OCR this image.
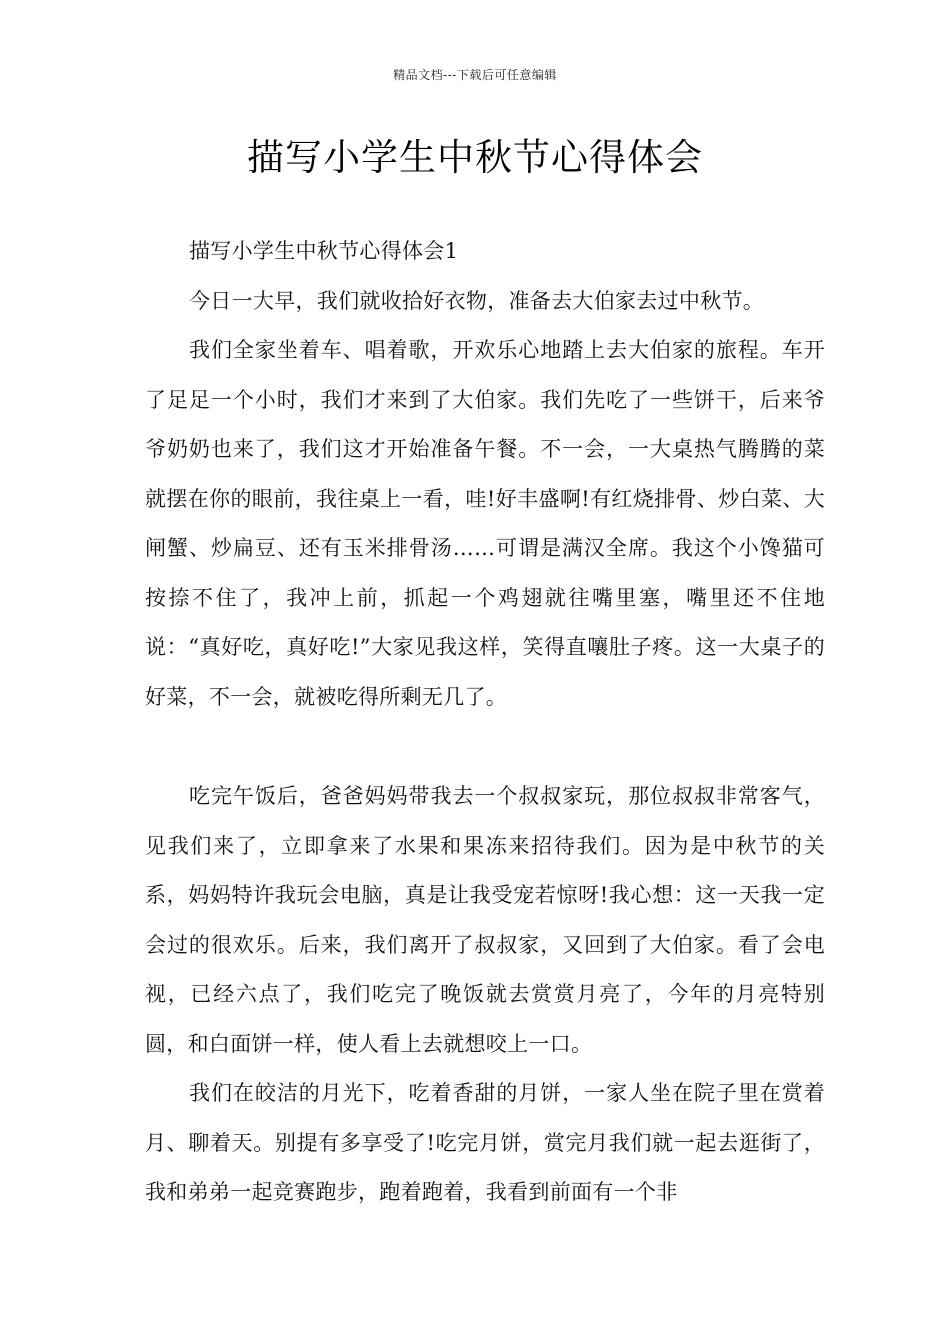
精品文档---下载后可任意编辑
描写小学生中秋节心得体会

描写小学生中秋节心得体会1

今日一大早，我们就收拾好衣物，准备去大伯家去过中秋节。

我们全家坐着车、唱着歌，开欢乐心地踏上去大伯家的旅程。车开了足足一个小时，我们才来到了大伯家。我们先吃了一些饼干，后来爷爷奶奶也来了，我们这才开始准备午餐。不一会，一大桌热气腾腾的菜就摆在你的眼前，我往桌上一看，哇!好丰盛啊!有红烧排骨、炒白菜、大闸蟹、炒扁豆、还有玉米排骨汤……可谓是满汉全席。我这个小馋猫可按捺不住了，我冲上前，抓起一个鸡翅就往嘴里塞，嘴里还不住地说：“真好吃，真好吃!”大家见我这样，笑得直嚷肚子疼。这一大桌子的好菜，不一会，就被吃得所剩无几了。

吃完午饭后，爸爸妈妈带我去一个叔叔家玩，那位叔叔非常客气，见我们来了，立即拿来了水果和果冻来招待我们。因为是中秋节的关系，妈妈特许我玩会电脑，真是让我受宠若惊呀!我心想：这一天我一定会过的很欢乐。后来，我们离开了叔叔家，又回到了大伯家。看了会电视，已经六点了，我们吃完了晚饭就去赏赏月亮了，今年的月亮特别圆，和白面饼一样，使人看上去就想咬上一口。

我们在皎洁的月光下，吃着香甜的月饼，一家人坐在院子里在赏着月、聊着天。别提有多享受了!吃完月饼，赏完月我们就一起去逛街了，我和弟弟一起竞赛跑步，跑着跑着，我看到前面有一个非
